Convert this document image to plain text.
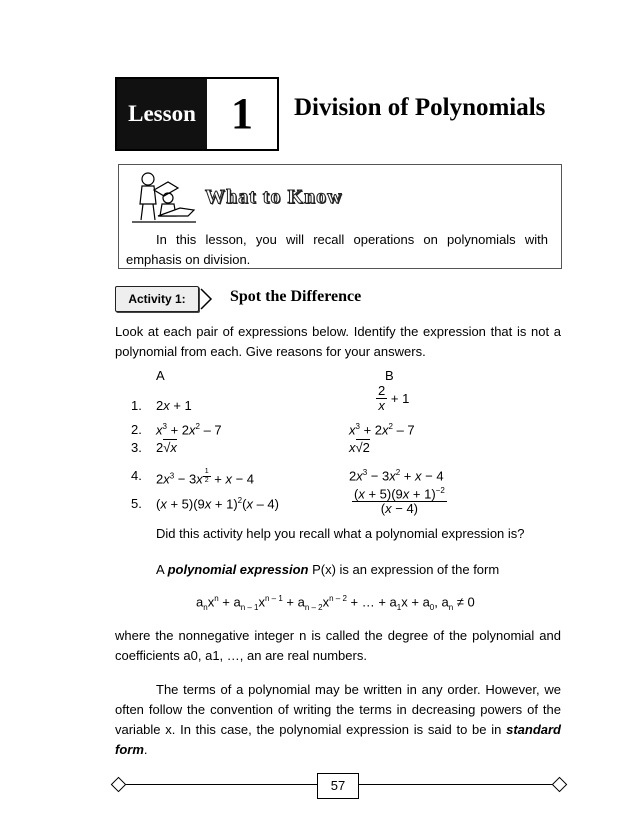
Lesson 1	Division of Polynomials
What to Know
In this lesson, you will recall operations on polynomials with emphasis on division.
Activity 1:	Spot the Difference
Look at each pair of expressions below. Identify the expression that is not a polynomial from each. Give reasons for your answers.
A	B
1. 2x + 1	$\frac{2}{x} + 1$
2. $x^3 + 2x^2 - 7$	$x^3 + 2x^2 - 7$
3. 2√x	x√2
4. $2x^3 - 3x$ $^{\frac{1}{2}}$ + x − 4	$2x^3 - 3x^2 + x - 4$
5. $(x + 5)(9x + 1)^2(x - 4)$	$\frac{(x + 5)(9x + 1)^{-2}}{(x - 4)}$
Did this activity help you recall what a polynomial expression is?
A polynomial expression P(x) is an expression of the form
$a_nx^n + a_{n - 1}x^{n - 1} + a_{n - 2}x^{n - 2}$ + … + $a_1x + a_0$, $a_n \ne 0$
where the nonnegative integer n is called the degree of the polynomial and coefficients a0, a1, …, an are real numbers.
The terms of a polynomial may be written in any order. However, we often follow the convention of writing the terms in decreasing powers of the variable x. In this case, the polynomial expression is said to be in standard form.
57
